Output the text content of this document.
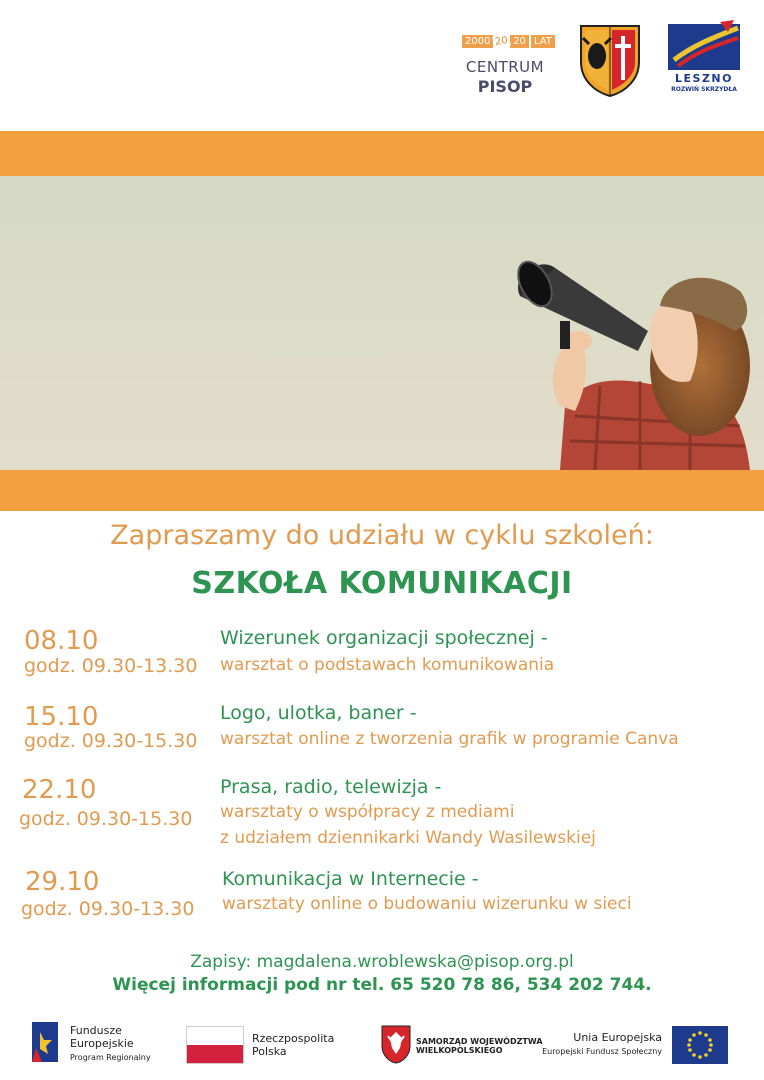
2000 20 20 LAT
CENTRUM
PISOP	LESZNO
ROZWIŃ SKRZYDŁA
Zapraszamy do udziału w cyklu szkoleń:
SZKOŁA KOMUNIKACJI
08.10
godz. 09.30-13.30
Wizerunek organizacji społecznej -
warsztat o podstawach komunikowania
15.10
godz. 09.30-15.30
Logo, ulotka, baner -
warsztat online z tworzenia grafik w programie Canva
22.10
godz. 09.30-15.30
Prasa, radio, telewizja -
warsztaty o współpracy z mediami
z udziałem dziennikarki Wandy Wasilewskiej
29.10
godz. 09.30-13.30
Komunikacja w Internecie -
warsztaty online o budowaniu wizerunku w sieci
Zapisy: magdalena.wroblewska@pisop.org.pl
Więcej informacji pod nr tel. 65 520 78 86, 534 202 744.
Fundusze
Europejskie
Program Regionalny
Rzeczpospolita
Polska
SAMORZĄD WOJEWÓDZTWA
WIELKOPOLSKIEGO
Unia Europejska
Europejski Fundusz Społeczny
